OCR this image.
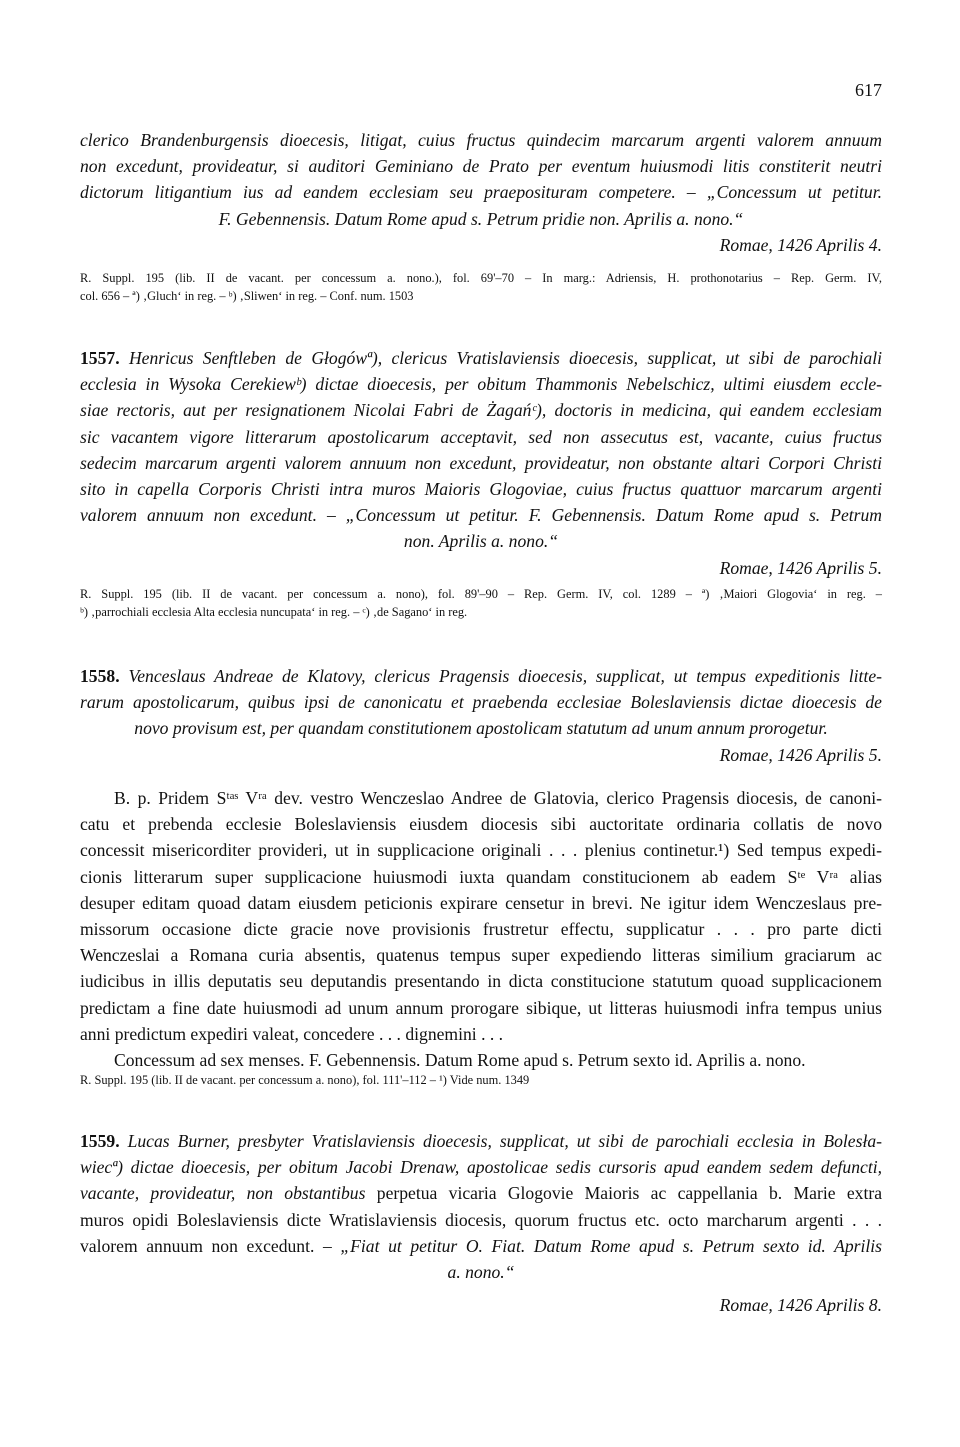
617
clerico Brandenburgensis dioecesis, litigat, cuius fructus quindecim marcarum argenti valorem annuum
non excedunt, provideatur, si auditori Geminiano de Prato per eventum huiusmodi litis constiterit neutri
dictorum litigantium ius ad eandem ecclesiam seu praeposituram competere. – „Concessum ut petitur.
F. Gebennensis. Datum Rome apud s. Petrum pridie non. Aprilis a. nono.“
Romae, 1426 Aprilis 4.
R. Suppl. 195 (lib. II de vacant. per concessum a. nono.), fol. 69'–70 – In marg.: Adriensis, H. prothonotarius – Rep. Germ. IV,
col. 656 – ª) ‚Gluch‘ in reg. – ᵇ) ‚Sliwen‘ in reg. – Conf. num. 1503
1557. Henricus Senftleben de Głogówª), clericus Vratislaviensis dioecesis, supplicat, ut sibi de parochiali
ecclesia in Wysoka Cerekiewᵇ) dictae dioecesis, per obitum Thammonis Nebelschicz, ultimi eiusdem eccle-
siae rectoris, aut per resignationem Nicolai Fabri de Żagańᶜ), doctoris in medicina, qui eandem ecclesiam
sic vacantem vigore litterarum apostolicarum acceptavit, sed non assecutus est, vacante, cuius fructus
sedecim marcarum argenti valorem annuum non excedunt, provideatur, non obstante altari Corpori Christi
sito in capella Corporis Christi intra muros Maioris Glogoviae, cuius fructus quattuor marcarum argenti
valorem annuum non excedunt. – „Concessum ut petitur. F. Gebennensis. Datum Rome apud s. Petrum
non. Aprilis a. nono.“
Romae, 1426 Aprilis 5.
R. Suppl. 195 (lib. II de vacant. per concessum a. nono), fol. 89'–90 – Rep. Germ. IV, col. 1289 – ª) ‚Maiori Glogovia‘ in reg. –
ᵇ) ‚parrochiali ecclesia Alta ecclesia nuncupata‘ in reg. – ᶜ) ‚de Sagano‘ in reg.
1558. Venceslaus Andreae de Klatovy, clericus Pragensis dioecesis, supplicat, ut tempus expeditionis litte-
rarum apostolicarum, quibus ipsi de canonicatu et praebenda ecclesiae Boleslaviensis dictae dioecesis de
novo provisum est, per quandam constitutionem apostolicam statutum ad unum annum prorogetur.
Romae, 1426 Aprilis 5.
B. p. Pridem Sᵗᵃˢ Vʳᵃ dev. vestro Wenczeslao Andree de Glatovia, clerico Pragensis diocesis, de canoni-
catu et prebenda ecclesie Boleslaviensis eiusdem diocesis sibi auctoritate ordinaria collatis de novo
concessit misericorditer provideri, ut in supplicacione originali . . . plenius continetur.¹) Sed tempus expedi-
cionis litterarum super supplicacione huiusmodi iuxta quandam constitucionem ab eadem Sᵗᵉ Vʳᵃ alias
desuper editam quoad datam eiusdem peticionis expirare censetur in brevi. Ne igitur idem Wenczeslaus pre-
missorum occasione dicte gracie nove provisionis frustretur effectu, supplicatur . . . pro parte dicti
Wenczeslai a Romana curia absentis, quatenus tempus super expediendo litteras similium graciarum ac
iudicibus in illis deputatis seu deputandis presentando in dicta constitucione statutum quoad supplicacionem
predictam a fine date huiusmodi ad unum annum prorogare sibique, ut litteras huiusmodi infra tempus unius
anni predictum expediri valeat, concedere . . . dignemini . . .
Concessum ad sex menses. F. Gebennensis. Datum Rome apud s. Petrum sexto id. Aprilis a. nono.
R. Suppl. 195 (lib. II de vacant. per concessum a. nono), fol. 111'–112 – ¹) Vide num. 1349
1559. Lucas Burner, presbyter Vratislaviensis dioecesis, supplicat, ut sibi de parochiali ecclesia in Bolesła-
wiecª) dictae dioecesis, per obitum Jacobi Drenaw, apostolicae sedis cursoris apud eandem sedem defuncti,
vacante, provideatur, non obstantibus perpetua vicaria Glogovie Maioris ac cappellania b. Marie extra
muros opidi Boleslaviensis dicte Wratislaviensis diocesis, quorum fructus etc. octo marcharum argenti . . .
valorem annuum non excedunt. – „Fiat ut petitur O. Fiat. Datum Rome apud s. Petrum sexto id. Aprilis
a. nono.“
Romae, 1426 Aprilis 8.
